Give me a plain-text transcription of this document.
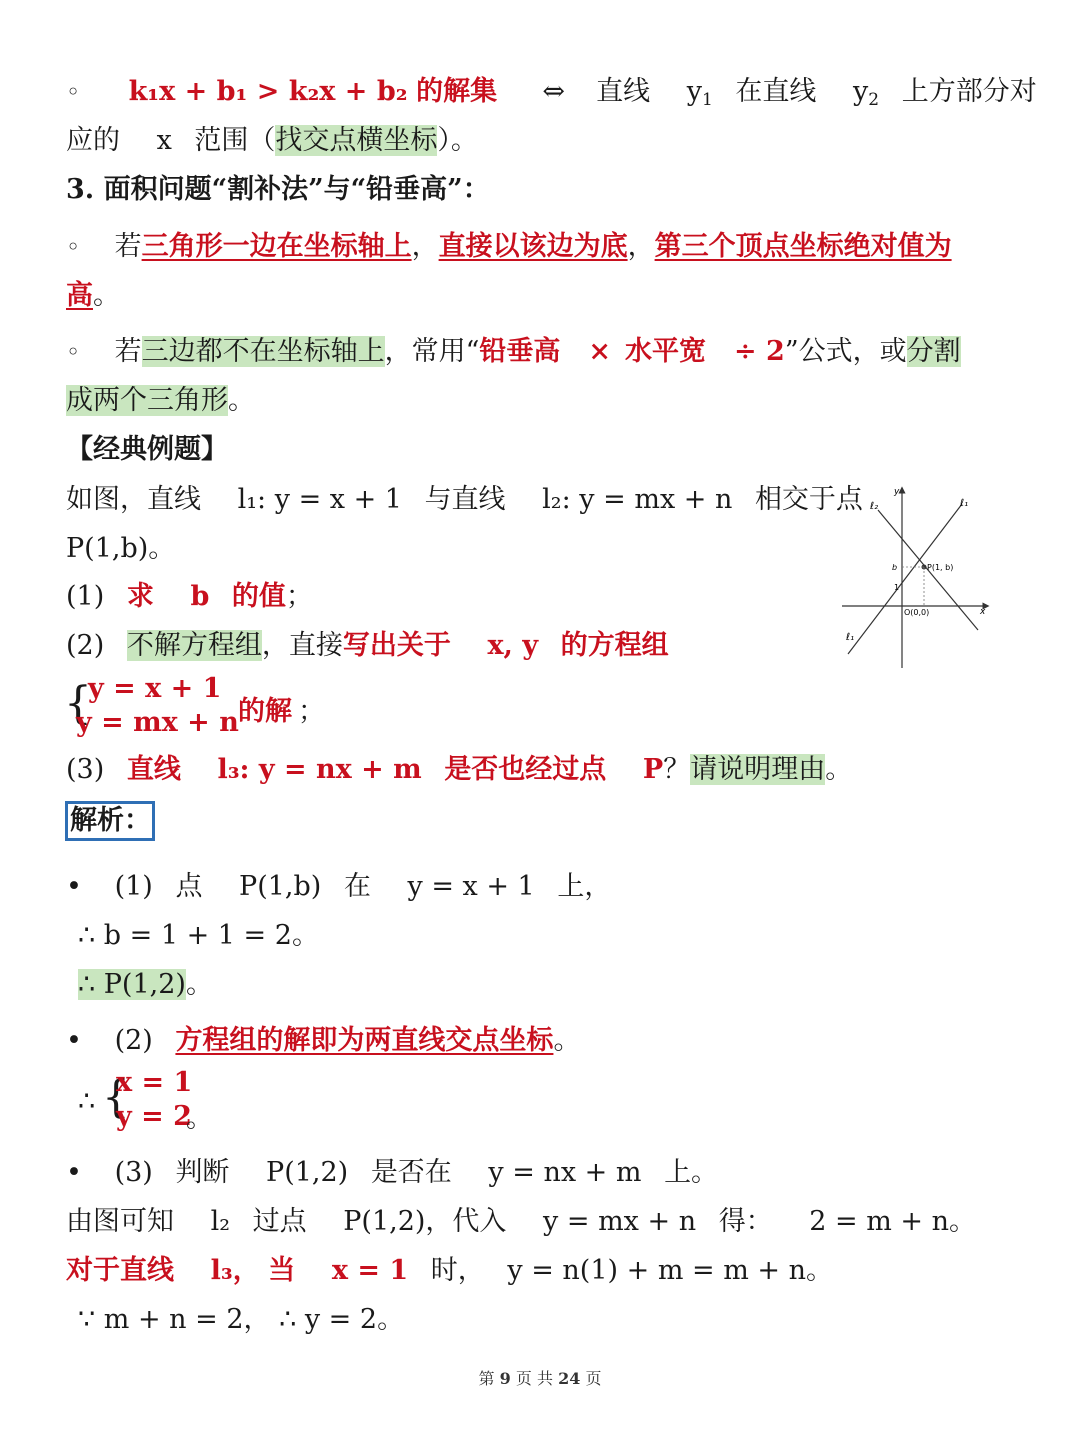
◦ k₁x + b₁ > k₂x + b₂ 的解集 ⇔ 直线 $y_1$ 在直线 $y_2$ 上方部分对
应的 x 范围（找交点横坐标）。
3. 面积问题“割补法”与“铅垂高”：
◦ 若三角形一边在坐标轴上，直接以该边为底，第三个顶点坐标绝对值为
高。
◦ 若三边都不在坐标轴上，常用“铅垂高 × 水平宽 ÷ 2”公式，或分割
成两个三角形。
【经典例题】
如图，直线 l₁: y = x + 1 与直线 l₂: y = mx + n 相交于点
P(1,b)。
(1) 求 b 的值；
(2) 不解方程组，直接写出关于 x, y 的方程组
{
y = x + 1
y = mx + n 的解 ；
(3) 直线 l₃: y = nx + m 是否也经过点 P？请说明理由。
解析：
• (1) 点 P(1,b) 在 y = x + 1 上，
∴ b = 1 + 1 = 2。
∴ P(1,2)。
• (2) 方程组的解即为两直线交点坐标。
∴ {
x = 1
y = 2
。
• (3) 判断 P(1,2) 是否在 y = nx + m 上。
由图可知 l₂ 过点 P(1,2)，代入 y = mx + n 得： 2 = m + n。
对于直线 l₃， 当 x = 1 时， y = n(1) + m = m + n。
∵ m + n = 2， ∴ y = 2。
y
x
ℓ₁
ℓ₂
ℓ₁
b
1
P(1, b)
O(0,0)
第 9 页 共 24 页
